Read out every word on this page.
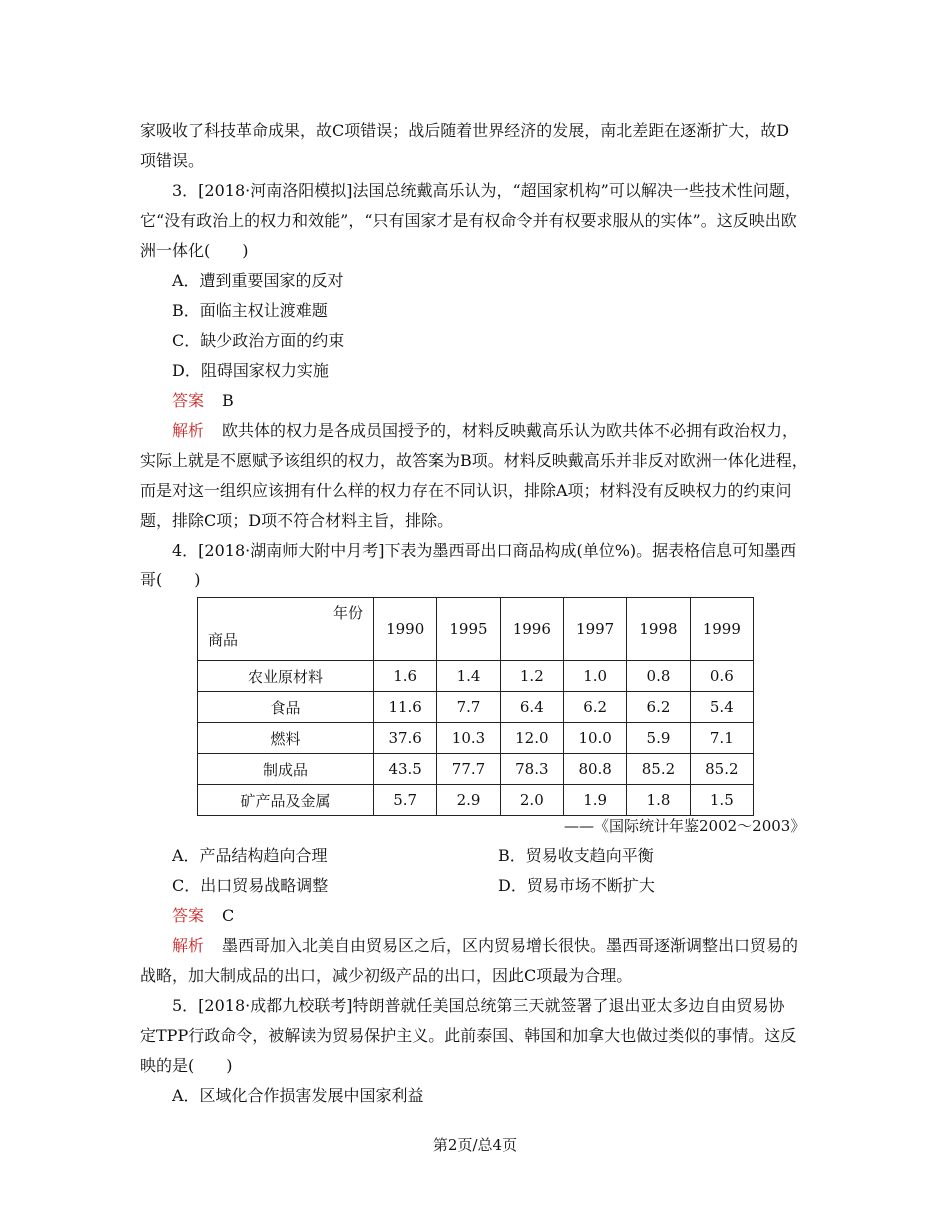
家吸收了科技革命成果，故C项错误；战后随着世界经济的发展，南北差距在逐渐扩大，故D
项错误。
3．[2018·河南洛阳模拟]法国总统戴高乐认为，“超国家机构”可以解决一些技术性问题，
它“没有政治上的权力和效能”，“只有国家才是有权命令并有权要求服从的实体”。这反映出欧
洲一体化(　　)
A．遭到重要国家的反对
B．面临主权让渡难题
C．缺少政治方面的约束
D．阻碍国家权力实施
答案 B
解析 欧共体的权力是各成员国授予的，材料反映戴高乐认为欧共体不必拥有政治权力，
实际上就是不愿赋予该组织的权力，故答案为B项。材料反映戴高乐并非反对欧洲一体化进程，
而是对这一组织应该拥有什么样的权力存在不同认识，排除A项；材料没有反映权力的约束问
题，排除C项；D项不符合材料主旨，排除。
4．[2018·湖南师大附中月考]下表为墨西哥出口商品构成(单位%)。据表格信息可知墨西
哥(　　)
年份
商品	1990	1995	1996	1997	1998	1999
农业原材料	1.6	1.4	1.2	1.0	0.8	0.6
食品	11.6	7.7	6.4	6.2	6.2	5.4
燃料	37.6	10.3	12.0	10.0	5.9	7.1
制成品	43.5	77.7	78.3	80.8	85.2	85.2
矿产品及金属	5.7	2.9	2.0	1.9	1.8	1.5
——《国际统计年鉴2002～2003》
A．产品结构趋向合理	B．贸易收支趋向平衡
C．出口贸易战略调整	D．贸易市场不断扩大
答案 C
解析 墨西哥加入北美自由贸易区之后，区内贸易增长很快。墨西哥逐渐调整出口贸易的
战略，加大制成品的出口，减少初级产品的出口，因此C项最为合理。
5．[2018·成都九校联考]特朗普就任美国总统第三天就签署了退出亚太多边自由贸易协
定TPP行政命令，被解读为贸易保护主义。此前泰国、韩国和加拿大也做过类似的事情。这反
映的是(　　)
A．区域化合作损害发展中国家利益
第2页/总4页
